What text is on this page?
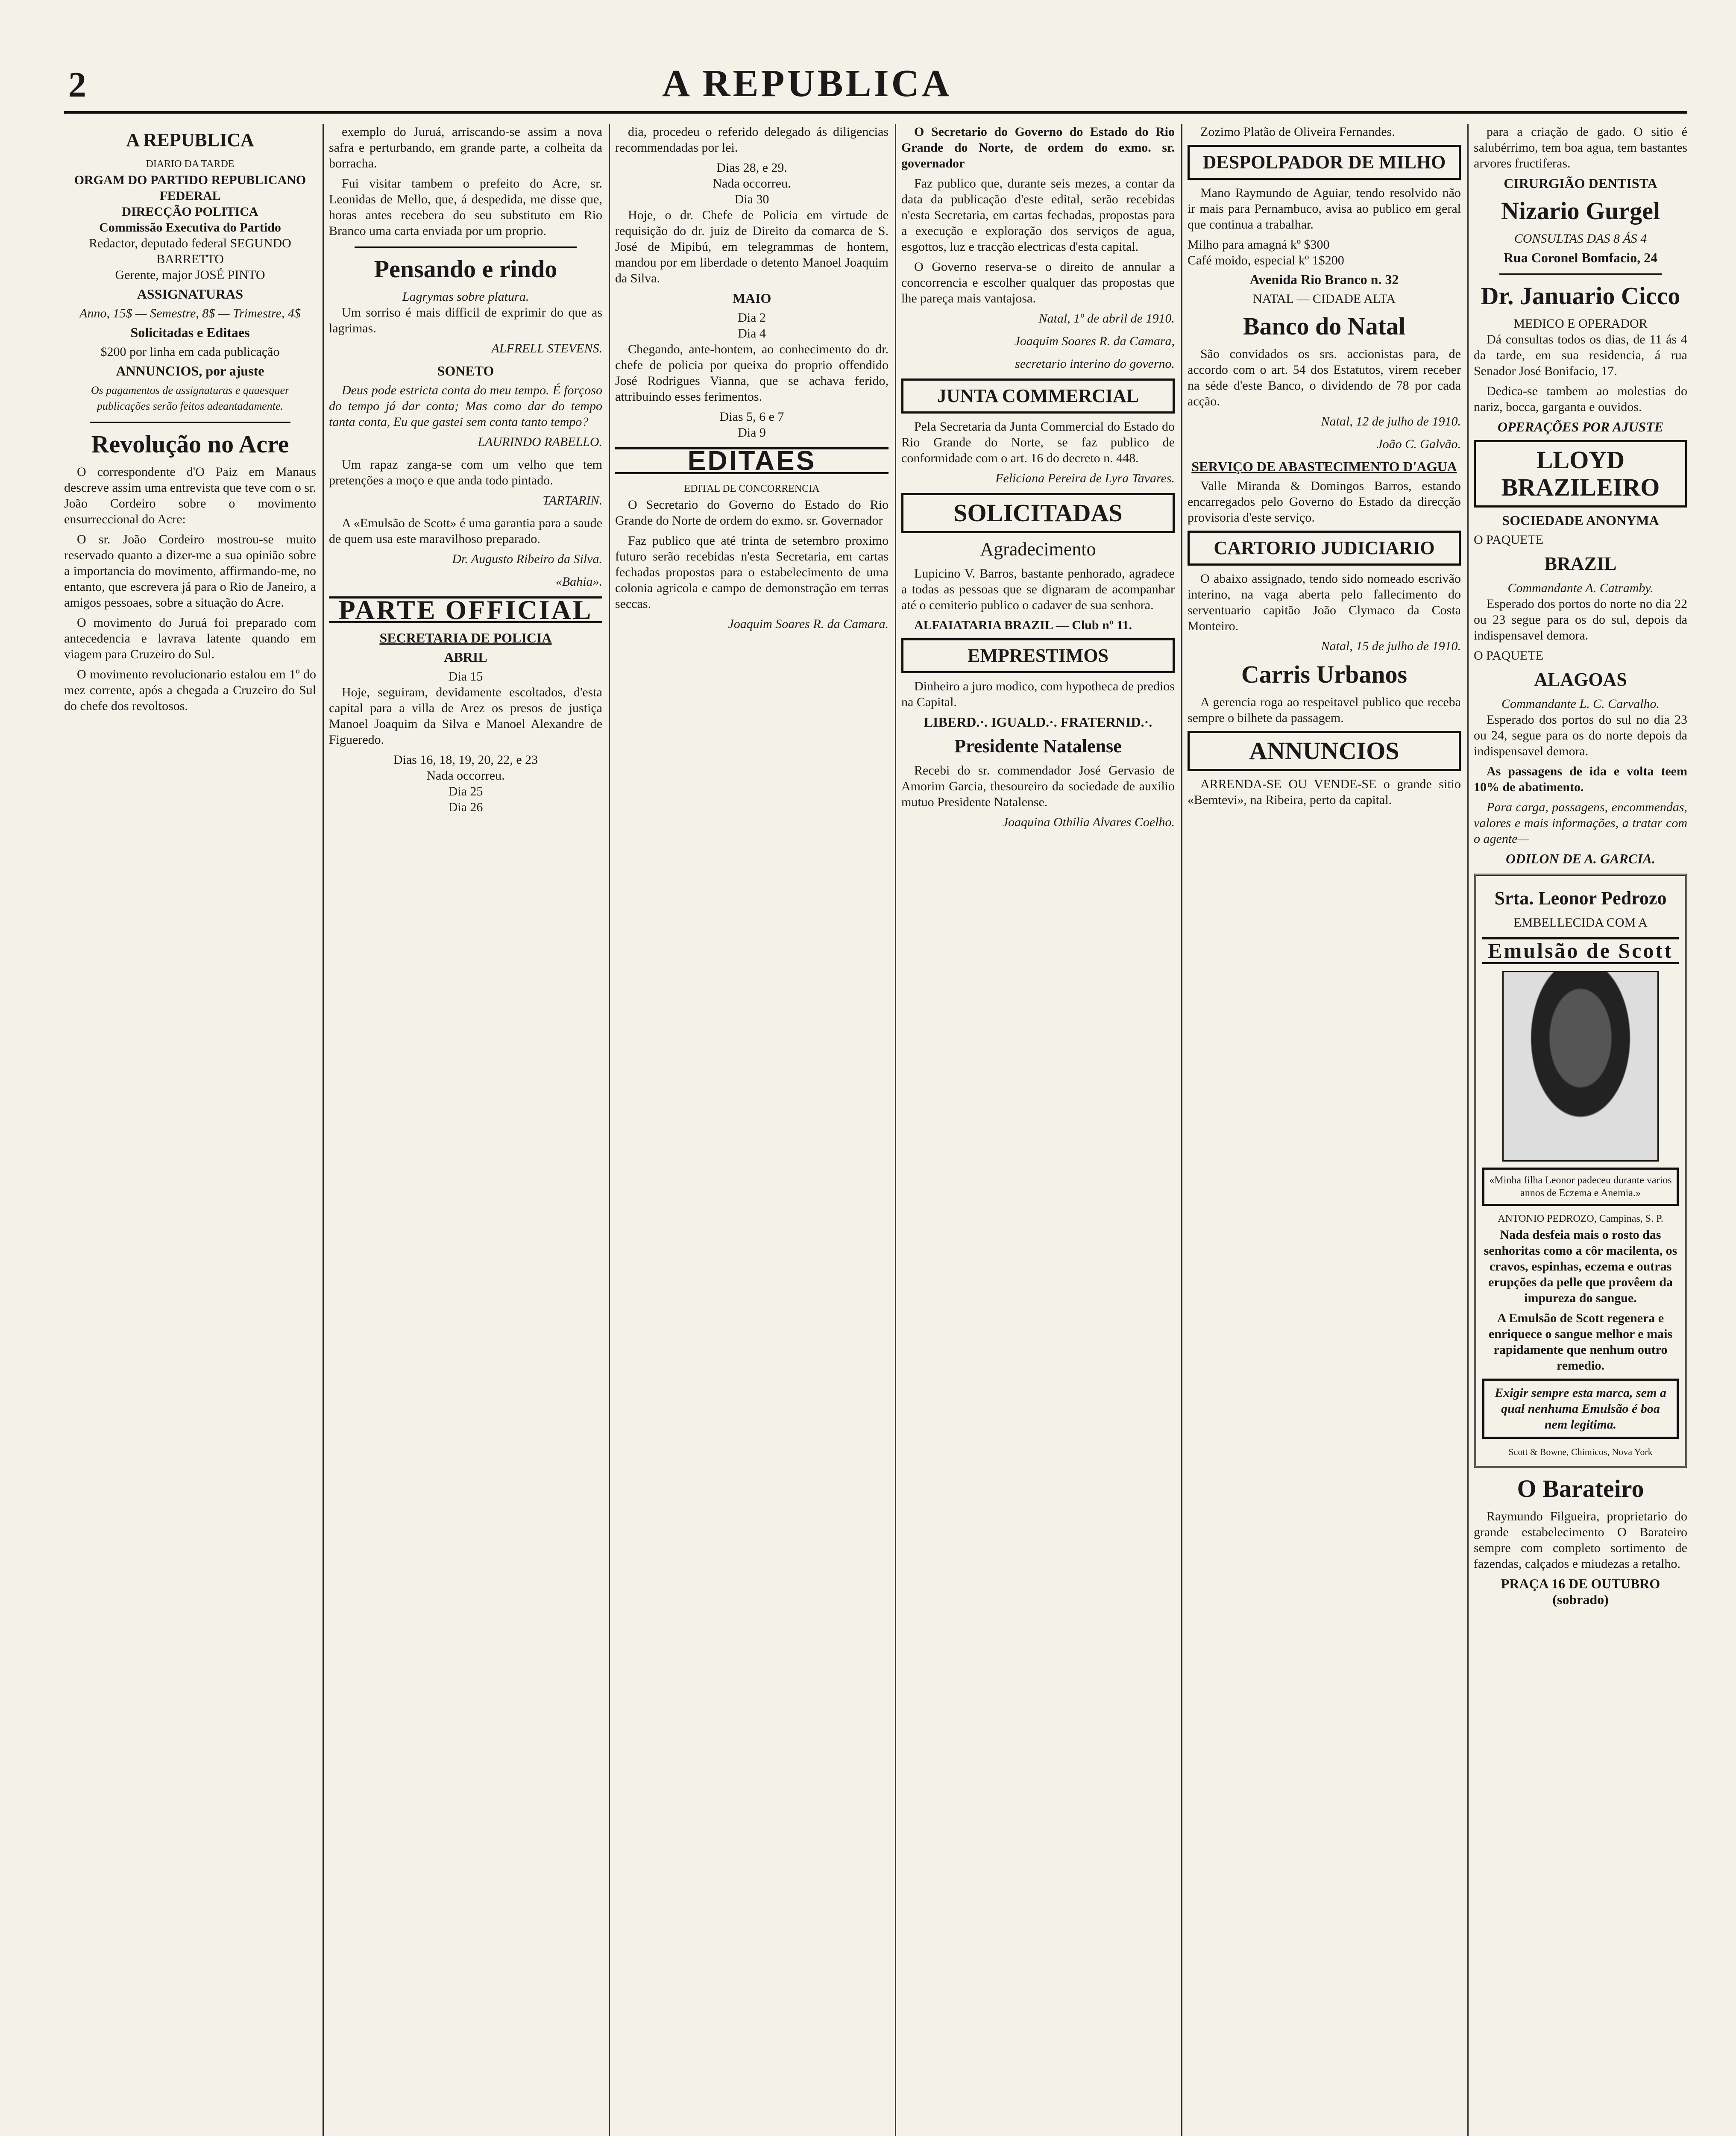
2	A REPUBLICA
A REPUBLICA
DIARIO DA TARDE
ORGAM DO PARTIDO REPUBLICANO FEDERAL
DIRECÇÃO POLITICA
Commissão Executiva do Partido
Redactor, deputado federal SEGUNDO BARRETTO
Gerente, major JOSÉ PINTO
ASSIGNATURAS
Anno, 15$ — Semestre, 8$ — Trimestre, 4$
Solicitadas e Editaes
$200 por linha em cada publicação
ANNUNCIOS, por ajuste
Os pagamentos de assignaturas e quaesquer publicações serão feitos adeantadamente.
Revolução no Acre

O correspondente d'O Paiz em Manaus descreve assim uma entrevista que teve com o sr. João Cordeiro sobre o movimento ensurreccional do Acre:

O sr. João Cordeiro mostrou-se muito reservado quanto a dizer-me a sua opinião sobre a importancia do movimento, affirmando-me, no entanto, que escrevera já para o Rio de Janeiro, a amigos pessoaes, sobre a situação do Acre.

O movimento do Juruá foi preparado com antecedencia e lavrava latente quando em viagem para Cruzeiro do Sul.

O movimento revolucionario estalou em 1º do mez corrente, após a chegada a Cruzeiro do Sul do chefe dos revoltosos.

exemplo do Juruá, arriscando-se assim a nova safra e perturbando, em grande parte, a colheita da borracha.

Fui visitar tambem o prefeito do Acre, sr. Leonidas de Mello, que, á despedida, me disse que, horas antes recebera do seu substituto em Rio Branco uma carta enviada por um proprio.

Pensando e rindo
Lagrymas sobre platura.

Um sorriso é mais difficil de exprimir do que as lagrimas.

ALFRELL STEVENS.
SONETO

Deus pode estricta conta do meu tempo. É forçoso do tempo já dar conta; Mas como dar do tempo tanta conta, Eu que gastei sem conta tanto tempo?

LAURINDO RABELLO.

Um rapaz zanga-se com um velho que tem pretenções a moço e que anda todo pintado.

TARTARIN.

A «Emulsão de Scott» é uma garantia para a saude de quem usa este maravilhoso preparado.

Dr. Augusto Ribeiro da Silva.
«Bahia».
PARTE OFFICIAL
SECRETARIA DE POLICIA
ABRIL
Dia 15

Hoje, seguiram, devidamente escoltados, d'esta capital para a villa de Arez os presos de justiça Manoel Joaquim da Silva e Manoel Alexandre de Figueredo.

Dias 16, 18, 19, 20, 22, e 23
Nada occorreu.
Dia 25
Dia 26

dia, procedeu o referido delegado ás diligencias recommendadas por lei.

Dias 28, e 29.
Nada occorreu.
Dia 30

Hoje, o dr. Chefe de Policia em virtude de requisição do dr. juiz de Direito da comarca de S. José de Mipibú, em telegrammas de hontem, mandou por em liberdade o detento Manoel Joaquim da Silva.

MAIO
Dia 2
Dia 4

Chegando, ante-hontem, ao conhecimento do dr. chefe de policia por queixa do proprio offendido José Rodrigues Vianna, que se achava ferido, attribuindo esses ferimentos.

Dias 5, 6 e 7
Dia 9
EDITAES
EDITAL DE CONCORRENCIA

O Secretario do Governo do Estado do Rio Grande do Norte de ordem do exmo. sr. Governador

Faz publico que até trinta de setembro proximo futuro serão recebidas n'esta Secretaria, em cartas fechadas propostas para o estabelecimento de uma colonia agricola e campo de demonstração em terras seccas.

Joaquim Soares R. da Camara.

O Secretario do Governo do Estado do Rio Grande do Norte, de ordem do exmo. sr. governador

Faz publico que, durante seis mezes, a contar da data da publicação d'este edital, serão recebidas n'esta Secretaria, em cartas fechadas, propostas para a execução e exploração dos serviços de agua, esgottos, luz e tracção electricas d'esta capital.

O Governo reserva-se o direito de annular a concorrencia e escolher qualquer das propostas que lhe pareça mais vantajosa.

Natal, 1º de abril de 1910.
Joaquim Soares R. da Camara,
secretario interino do governo.
JUNTA COMMERCIAL

Pela Secretaria da Junta Commercial do Estado do Rio Grande do Norte, se faz publico de conformidade com o art. 16 do decreto n. 448.

Feliciana Pereira de Lyra Tavares.
SOLICITADAS
Agradecimento

Lupicino V. Barros, bastante penhorado, agradece a todas as pessoas que se dignaram de acompanhar até o cemiterio publico o cadaver de sua senhora.

ALFAIATARIA BRAZIL — Club nº 11.

EMPRESTIMOS

Dinheiro a juro modico, com hypotheca de predios na Capital.

LIBERD.·. IGUALD.·. FRATERNID.·.
Presidente Natalense

Recebi do sr. commendador José Gervasio de Amorim Garcia, thesoureiro da sociedade de auxilio mutuo Presidente Natalense.

Joaquina Othilia Alvares Coelho.

Zozimo Platão de Oliveira Fernandes.

DESPOLPADOR DE MILHO

Mano Raymundo de Aguiar, tendo resolvido não ir mais para Pernambuco, avisa ao publico em geral que continua a trabalhar.

Milho para amagná kº $300
Café moido, especial kº 1$200
Avenida Rio Branco n. 32
NATAL — CIDADE ALTA
Banco do Natal

São convidados os srs. accionistas para, de accordo com o art. 54 dos Estatutos, virem receber na séde d'este Banco, o dividendo de 78 por cada acção.

Natal, 12 de julho de 1910.
João C. Galvão.
SERVIÇO DE ABASTECIMENTO D'AGUA

Valle Miranda & Domingos Barros, estando encarregados pelo Governo do Estado da direcção provisoria d'este serviço.

CARTORIO JUDICIARIO

O abaixo assignado, tendo sido nomeado escrivão interino, na vaga aberta pelo fallecimento do serventuario capitão João Clymaco da Costa Monteiro.

Natal, 15 de julho de 1910.
Carris Urbanos

A gerencia roga ao respeitavel publico que receba sempre o bilhete da passagem.

ANNUNCIOS

ARRENDA-SE OU VENDE-SE o grande sitio «Bemtevi», na Ribeira, perto da capital.

para a criação de gado. O sitio é salubérrimo, tem boa agua, tem bastantes arvores fructiferas.

CIRURGIÃO DENTISTA
Nizario Gurgel
CONSULTAS DAS 8 ÁS 4
Rua Coronel Bomfacio, 24
Dr. Januario Cicco
MEDICO E OPERADOR

Dá consultas todos os dias, de 11 ás 4 da tarde, em sua residencia, á rua Senador José Bonifacio, 17.

Dedica-se tambem ao molestias do nariz, bocca, garganta e ouvidos.

OPERAÇÕES POR AJUSTE
LLOYD BRAZILEIRO
SOCIEDADE ANONYMA
O PAQUETE
BRAZIL
Commandante A. Catramby.

Esperado dos portos do norte no dia 22 ou 23 segue para os do sul, depois da indispensavel demora.

O PAQUETE
ALAGOAS
Commandante L. C. Carvalho.

Esperado dos portos do sul no dia 23 ou 24, segue para os do norte depois da indispensavel demora.

As passagens de ida e volta teem 10% de abatimento.

Para carga, passagens, encommendas, valores e mais informações, a tratar com o agente—

ODILON DE A. GARCIA.
Srta. Leonor Pedrozo
EMBELLECIDA COM A
Emulsão de Scott
«Minha filha Leonor padeceu durante varios annos de Eczema e Anemia.»
ANTONIO PEDROZO, Campinas, S. P.

Nada desfeia mais o rosto das senhoritas como a côr macilenta, os cravos, espinhas, eczema e outras erupções da pelle que provêem da impureza do sangue.

A Emulsão de Scott regenera e enriquece o sangue melhor e mais rapidamente que nenhum outro remedio.

Exigir sempre esta marca, sem a qual nenhuma Emulsão é boa nem legitima.
Scott & Bowne, Chimicos, Nova York
O Barateiro

Raymundo Filgueira, proprietario do grande estabelecimento O Barateiro sempre com completo sortimento de fazendas, calçados e miudezas a retalho.

PRAÇA 16 DE OUTUBRO (sobrado)
